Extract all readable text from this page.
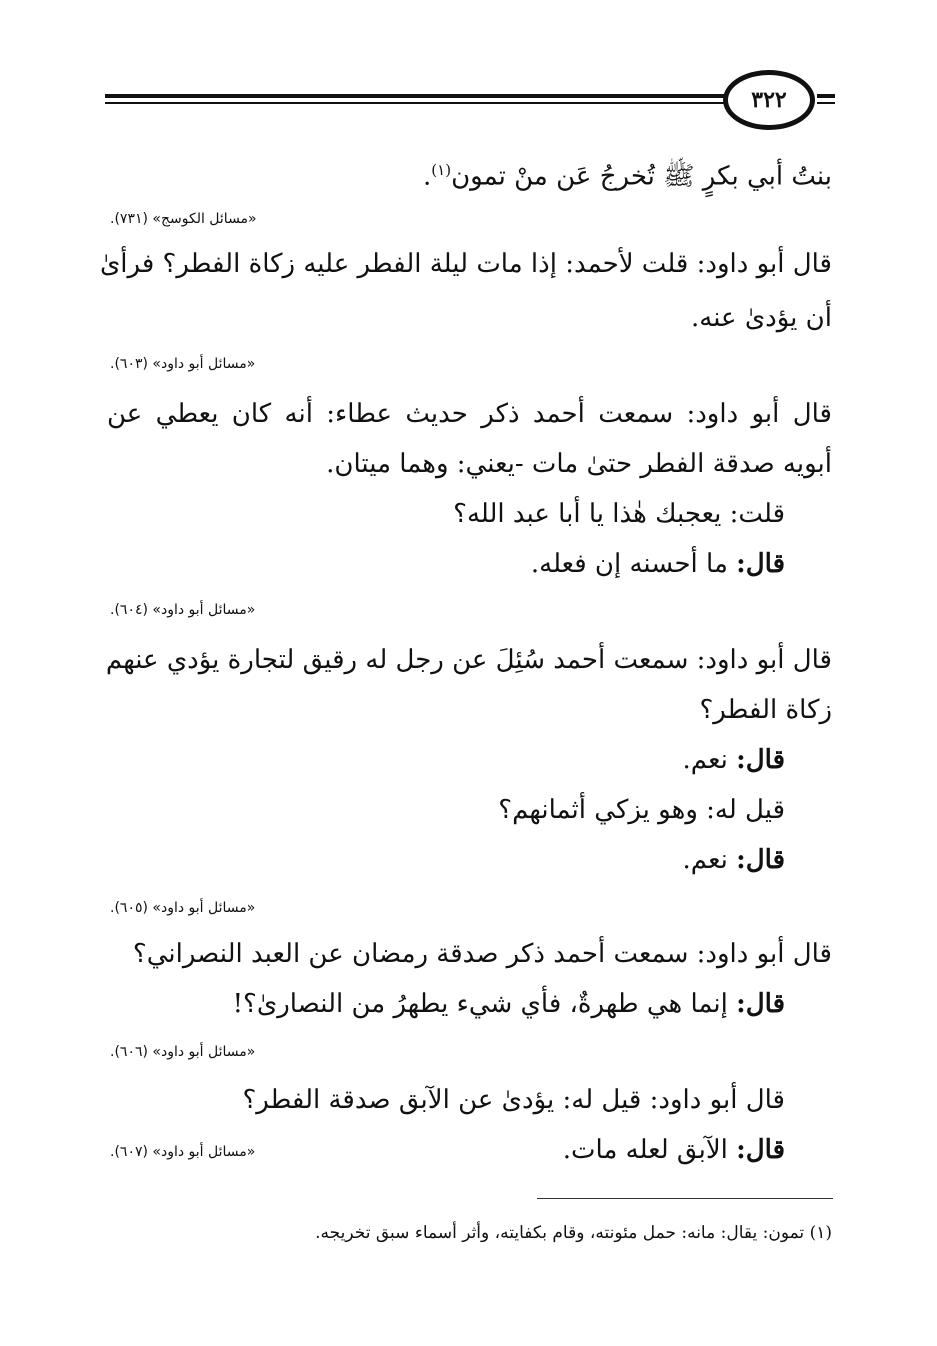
٣٢٢
بنتُ أبي بكرٍ ﷺ تُخرجُ عَن منْ تمون$^{(١)}$.
«مسائل الكوسج» (٧٣١).
قال أبو داود: قلت لأحمد: إذا مات ليلة الفطر عليه زكاة الفطر؟ فرأىٰ
أن يؤدىٰ عنه.
«مسائل أبو داود» (٦٠٣).
قال أبو داود: سمعت أحمد ذكر حديث عطاء: أنه كان يعطي عن
أبويه صدقة الفطر حتىٰ مات -يعني: وهما ميتان.
قلت: يعجبك هٰذا يا أبا عبد الله؟
قال: ما أحسنه إن فعله.
«مسائل أبو داود» (٦٠٤).
قال أبو داود: سمعت أحمد سُئِلَ عن رجل له رقيق لتجارة يؤدي عنهم
زكاة الفطر؟
قال: نعم.
قيل له: وهو يزكي أثمانهم؟
قال: نعم.
«مسائل أبو داود» (٦٠٥).
قال أبو داود: سمعت أحمد ذكر صدقة رمضان عن العبد النصراني؟
قال: إنما هي طهرةٌ، فأي شيء يطهرُ من النصارىٰ؟!
«مسائل أبو داود» (٦٠٦).
قال أبو داود: قيل له: يؤدىٰ عن الآبق صدقة الفطر؟
قال: الآبق لعله مات.
«مسائل أبو داود» (٦٠٧).
(١) تمون: يقال: مانه: حمل مئونته، وقام بكفايته، وأثر أسماء سبق تخريجه.
